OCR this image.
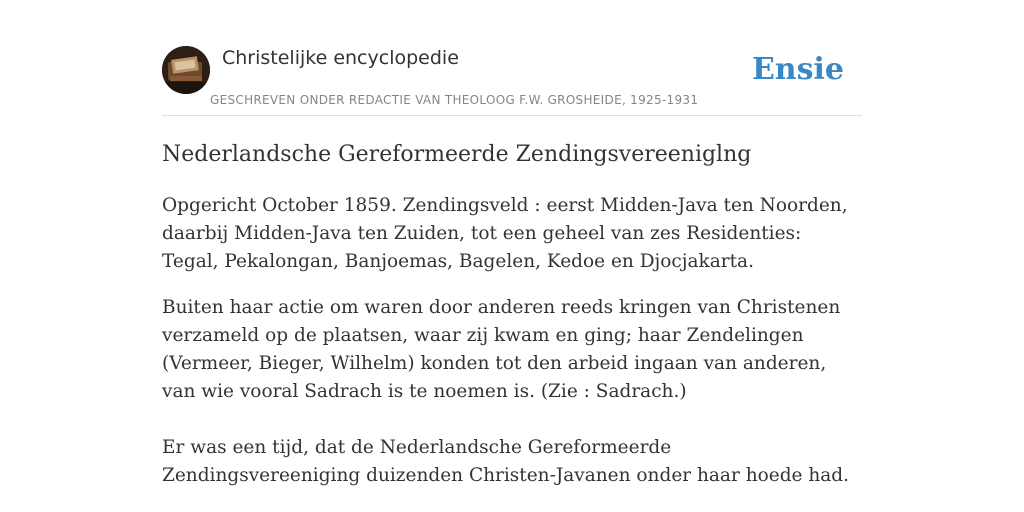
Christelijke encyclopedie
GESCHREVEN ONDER REDACTIE VAN THEOLOOG F.W. GROSHEIDE, 1925-1931
Ensie
Nederlandsche Gereformeerde Zendingsvereeniglng

Opgericht October 1859. Zendingsveld : eerst Midden-Java ten Noorden, daarbij Midden-Java ten Zuiden, tot een geheel van zes Residenties: Tegal, Pekalongan, Banjoemas, Bagelen, Kedoe en Djocjakarta.

Buiten haar actie om waren door anderen reeds kringen van Christenen verzameld op de plaatsen, waar zij kwam en ging; haar Zendelingen (Vermeer, Bieger, Wilhelm) konden tot den arbeid ingaan van anderen, van wie vooral Sadrach is te noemen is. (Zie : Sadrach.)

Er was een tijd, dat de Nederlandsche Gereformeerde Zendingsvereeniging duizenden Christen-Javanen onder haar hoede had.
